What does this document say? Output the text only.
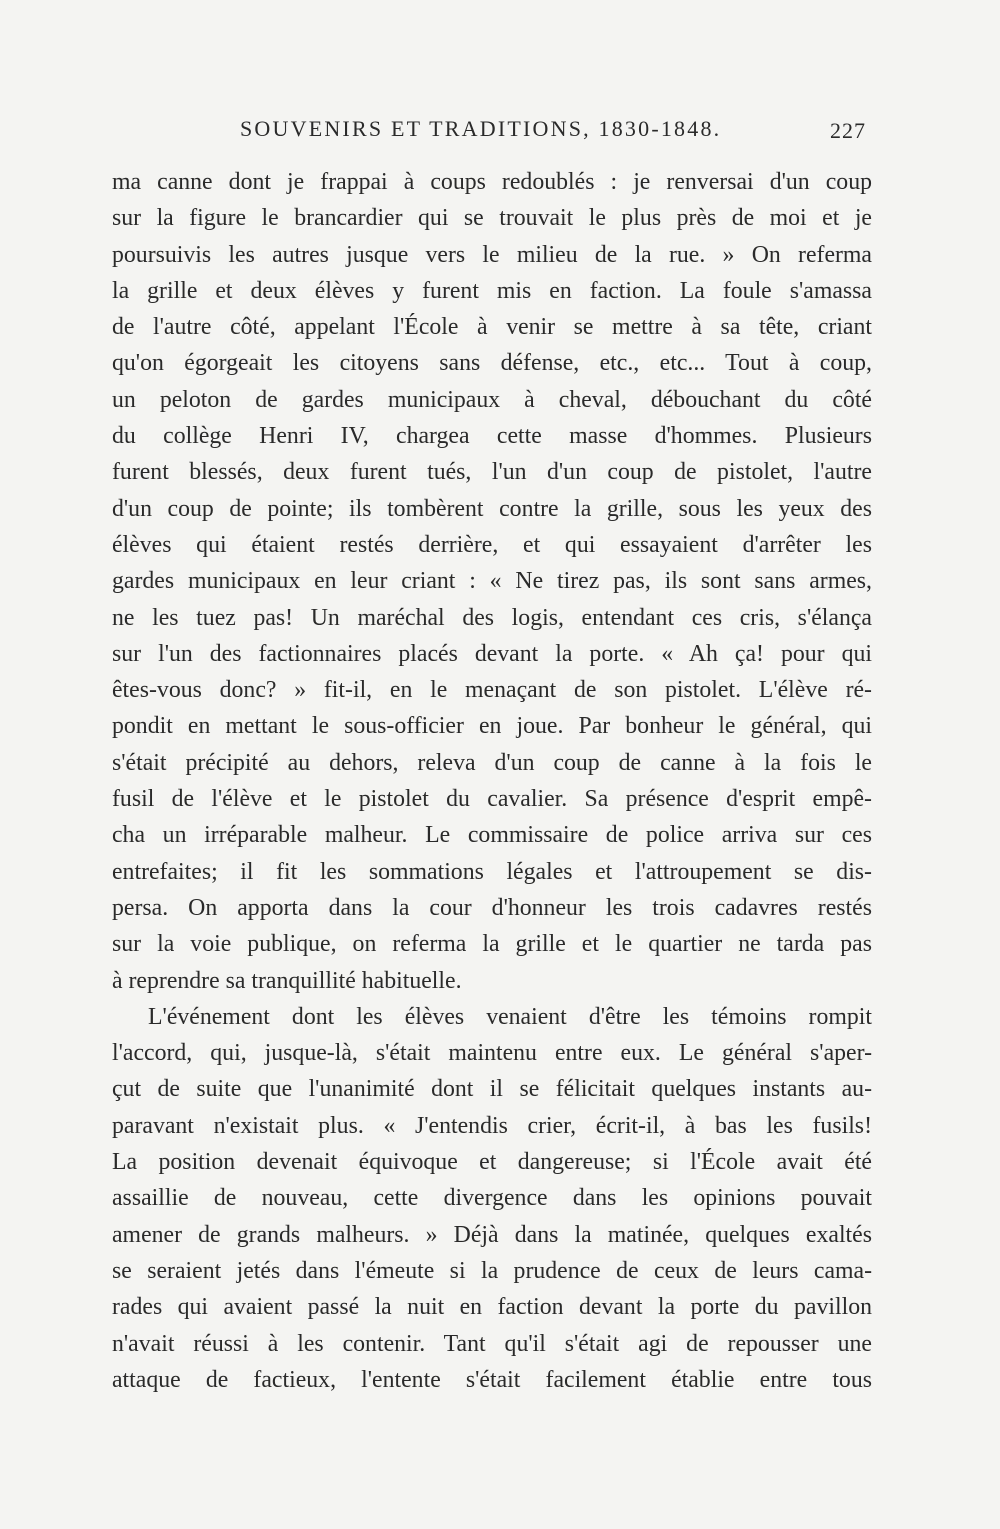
SOUVENIRS ET TRADITIONS, 1830-1848.	227
ma canne dont je frappai à coups redoublés : je renversai d'un coup
sur la figure le brancardier qui se trouvait le plus près de moi et je
poursuivis les autres jusque vers le milieu de la rue. » On referma
la grille et deux élèves y furent mis en faction. La foule s'amassa
de l'autre côté, appelant l'École à venir se mettre à sa tête, criant
qu'on égorgeait les citoyens sans défense, etc., etc... Tout à coup,
un peloton de gardes municipaux à cheval, débouchant du côté
du collège Henri IV, chargea cette masse d'hommes. Plusieurs
furent blessés, deux furent tués, l'un d'un coup de pistolet, l'autre
d'un coup de pointe; ils tombèrent contre la grille, sous les yeux des
élèves qui étaient restés derrière, et qui essayaient d'arrêter les
gardes municipaux en leur criant : « Ne tirez pas, ils sont sans armes,
ne les tuez pas! Un maréchal des logis, entendant ces cris, s'élança
sur l'un des factionnaires placés devant la porte. « Ah ça! pour qui
êtes-vous donc? » fit-il, en le menaçant de son pistolet. L'élève ré-
pondit en mettant le sous-officier en joue. Par bonheur le général, qui
s'était précipité au dehors, releva d'un coup de canne à la fois le
fusil de l'élève et le pistolet du cavalier. Sa présence d'esprit empê-
cha un irréparable malheur. Le commissaire de police arriva sur ces
entrefaites; il fit les sommations légales et l'attroupement se dis-
persa. On apporta dans la cour d'honneur les trois cadavres restés
sur la voie publique, on referma la grille et le quartier ne tarda pas
à reprendre sa tranquillité habituelle.
L'événement dont les élèves venaient d'être les témoins rompit
l'accord, qui, jusque-là, s'était maintenu entre eux. Le général s'aper-
çut de suite que l'unanimité dont il se félicitait quelques instants au-
paravant n'existait plus. « J'entendis crier, écrit-il, à bas les fusils!
La position devenait équivoque et dangereuse; si l'École avait été
assaillie de nouveau, cette divergence dans les opinions pouvait
amener de grands malheurs. » Déjà dans la matinée, quelques exaltés
se seraient jetés dans l'émeute si la prudence de ceux de leurs cama-
rades qui avaient passé la nuit en faction devant la porte du pavillon
n'avait réussi à les contenir. Tant qu'il s'était agi de repousser une
attaque de factieux, l'entente s'était facilement établie entre tous
